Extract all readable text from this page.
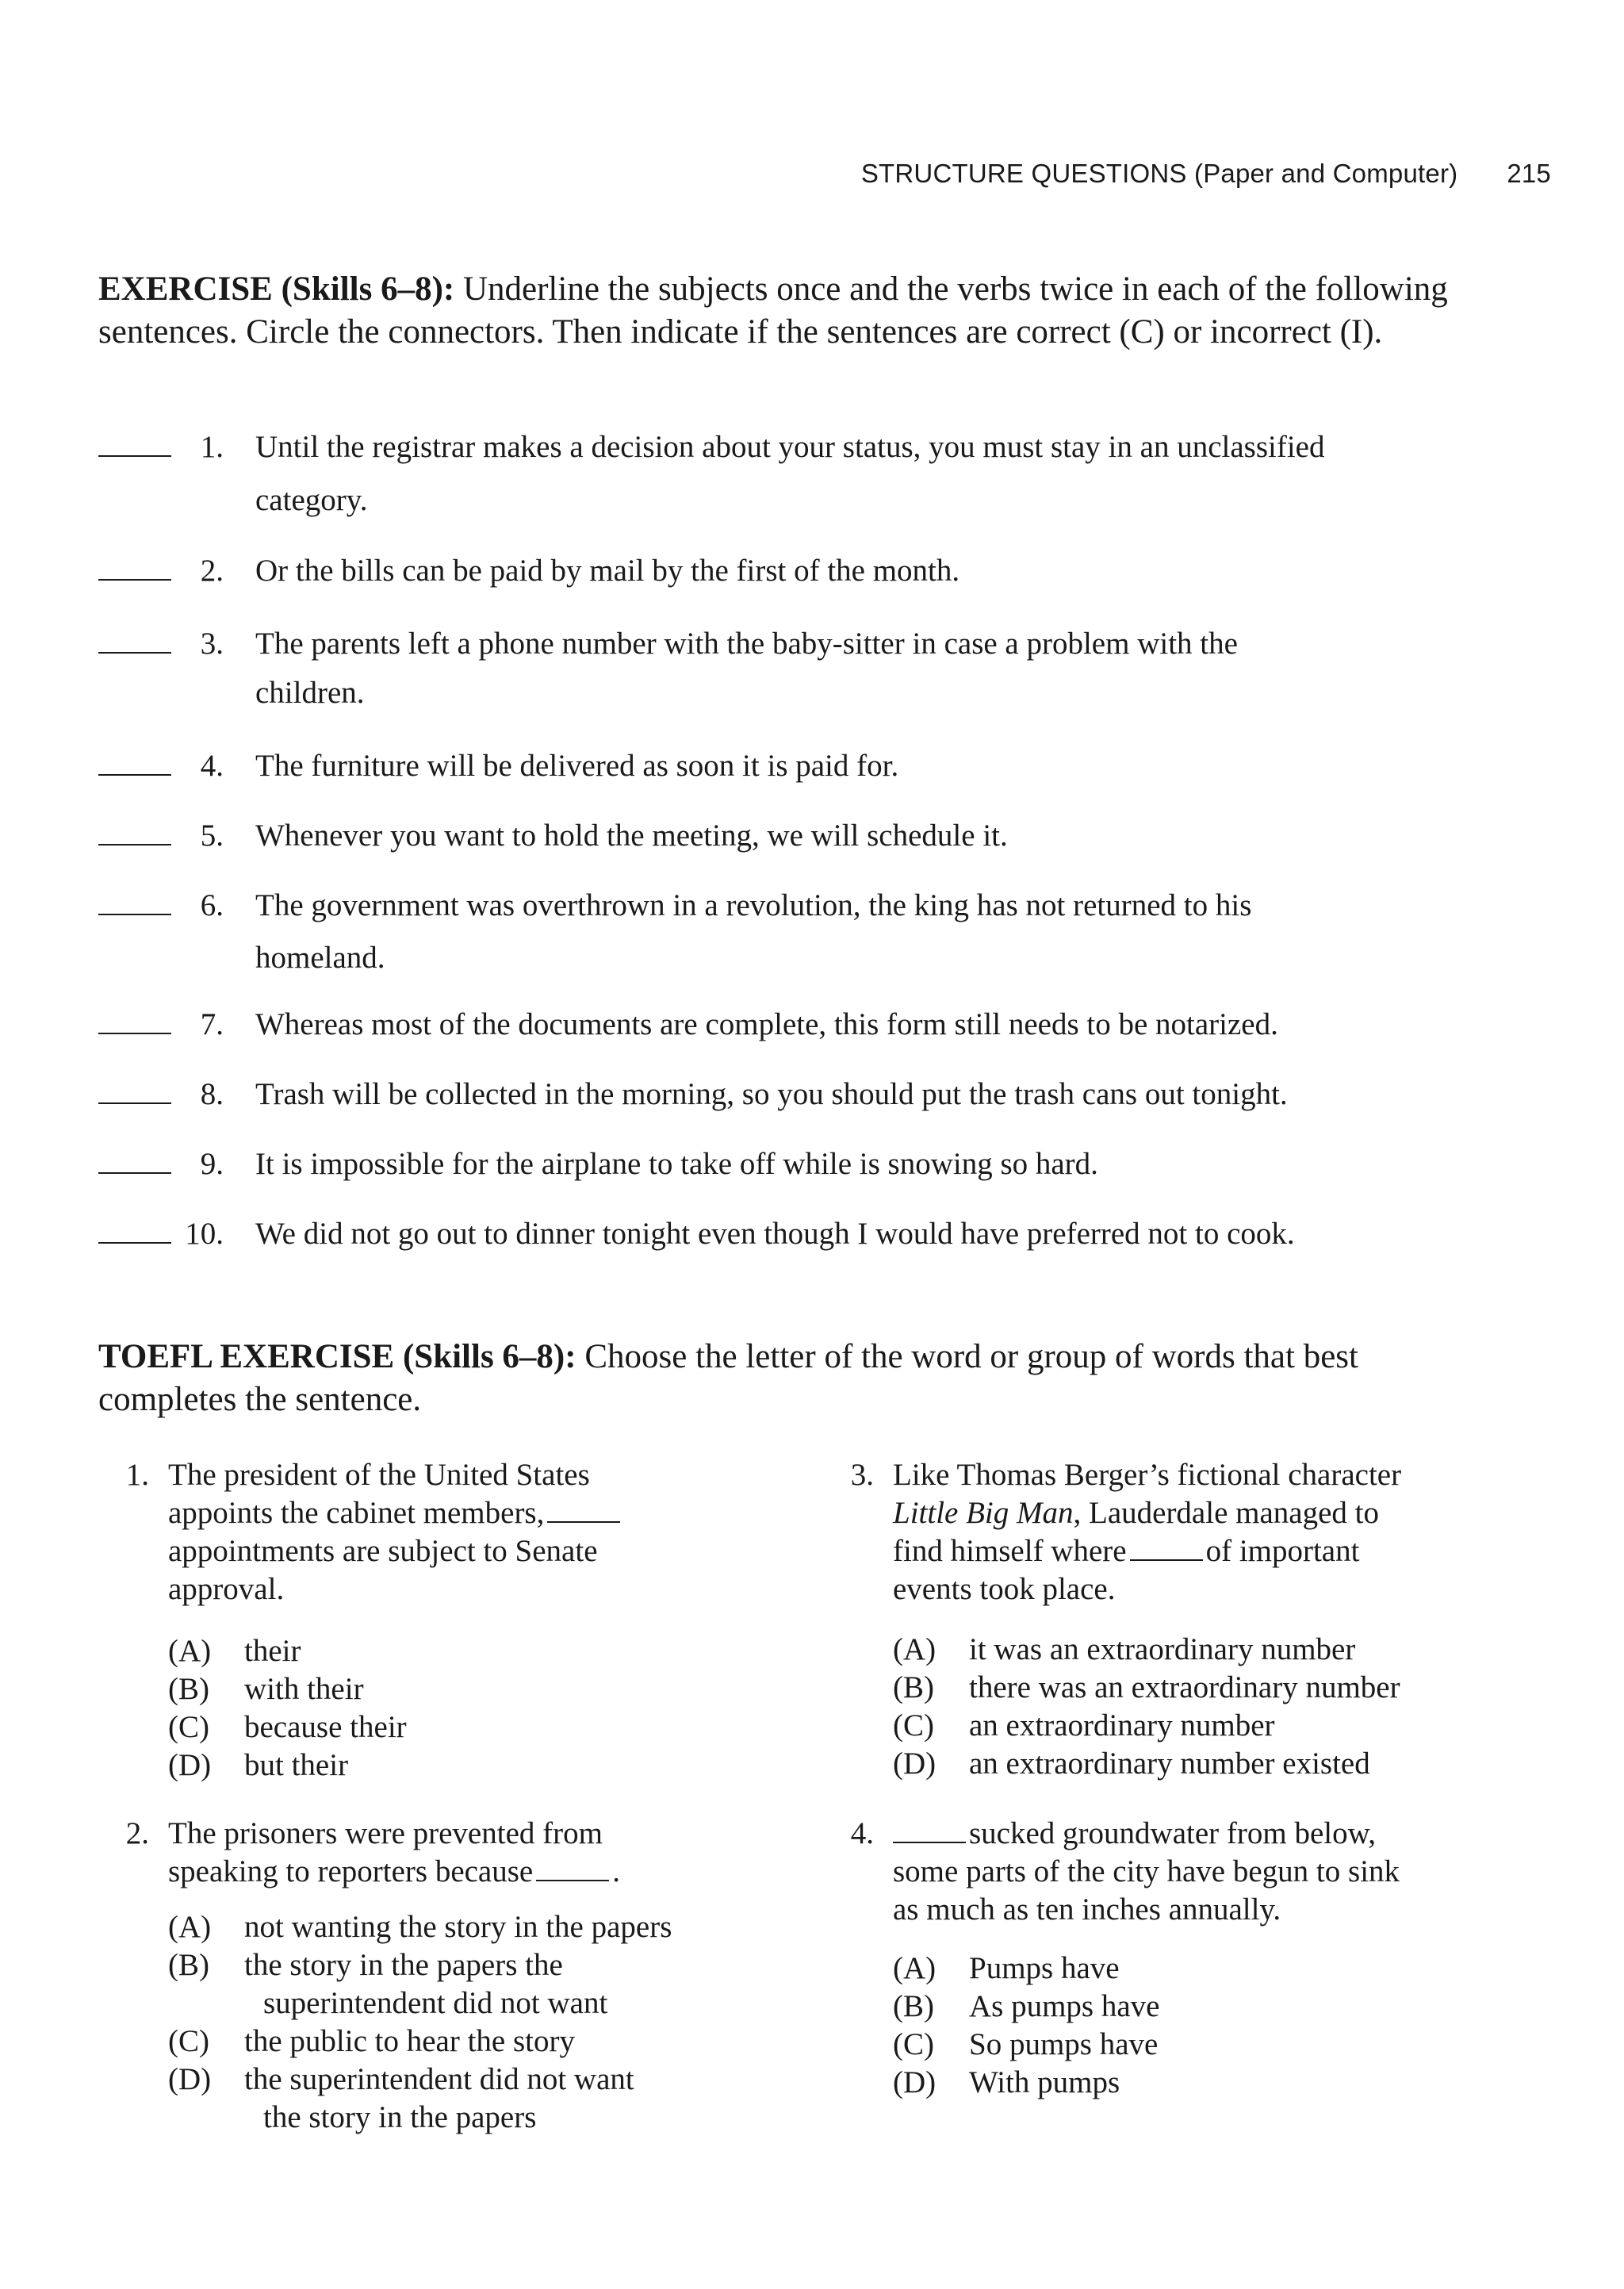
STRUCTURE QUESTIONS (Paper and Computer) 215
EXERCISE (Skills 6–8): Underline the subjects once and the verbs twice in each of the following sentences. Circle the connectors. Then indicate if the sentences are correct (C) or incorrect (I).
1. Until the registrar makes a decision about your status, you must stay in an unclassified
category.
2. Or the bills can be paid by mail by the first of the month.
3. The parents left a phone number with the baby-sitter in case a problem with the
children.
4. The furniture will be delivered as soon it is paid for.
5. Whenever you want to hold the meeting, we will schedule it.
6. The government was overthrown in a revolution, the king has not returned to his
homeland.
7. Whereas most of the documents are complete, this form still needs to be notarized.
8. Trash will be collected in the morning, so you should put the trash cans out tonight.
9. It is impossible for the airplane to take off while is snowing so hard.
10. We did not go out to dinner tonight even though I would have preferred not to cook.
TOEFL EXERCISE (Skills 6–8): Choose the letter of the word or group of words that best completes the sentence.
1. The president of the United States
appoints the cabinet members,
appointments are subject to Senate
approval.
(A) their
(B) with their
(C) because their
(D) but their
2. The prisoners were prevented from
speaking to reporters because	.
(A) not wanting the story in the papers
(B) the story in the papers the
superintendent did not want
(C) the public to hear the story
(D) the superintendent did not want
the story in the papers
3. Like Thomas Berger’s fictional character
Little Big Man, Lauderdale managed to
find himself where	of important
events took place.
(A) it was an extraordinary number
(B) there was an extraordinary number
(C) an extraordinary number
(D) an extraordinary number existed
4.	sucked groundwater from below,
some parts of the city have begun to sink
as much as ten inches annually.
(A) Pumps have
(B) As pumps have
(C) So pumps have
(D) With pumps
